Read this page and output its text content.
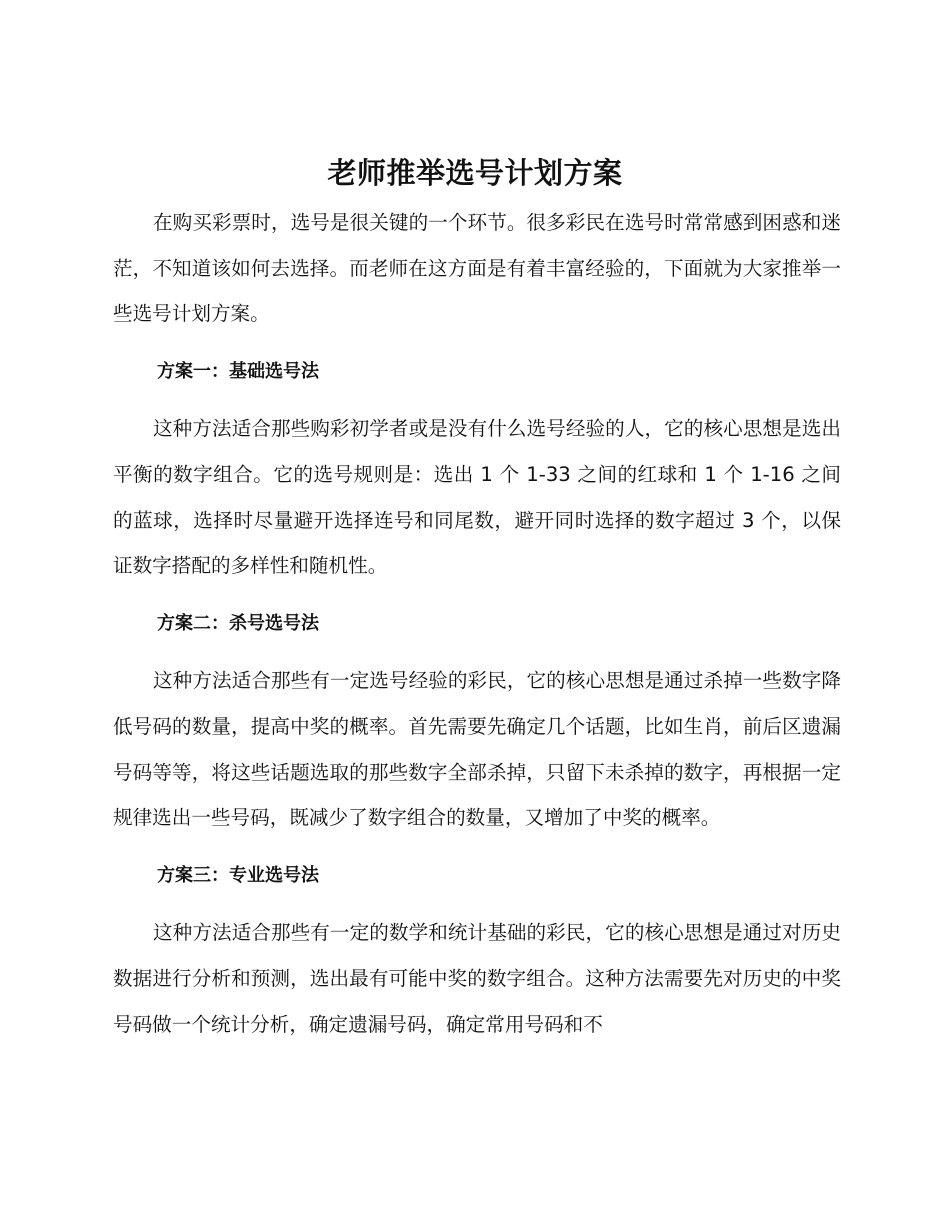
老师推举选号计划方案

在购买彩票时，选号是很关键的一个环节。很多彩民在选号时常常感到困惑和迷茫，不知道该如何去选择。而老师在这方面是有着丰富经验的，下面就为大家推举一些选号计划方案。

方案一：基础选号法

这种方法适合那些购彩初学者或是没有什么选号经验的人，它的核心思想是选出平衡的数字组合。它的选号规则是：选出 1 个 1-33 之间的红球和 1 个 1-16 之间的蓝球，选择时尽量避开选择连号和同尾数，避开同时选择的数字超过 3 个，以保证数字搭配的多样性和随机性。

方案二：杀号选号法

这种方法适合那些有一定选号经验的彩民，它的核心思想是通过杀掉一些数字降低号码的数量，提高中奖的概率。首先需要先确定几个话题，比如生肖，前后区遗漏号码等等，将这些话题选取的那些数字全部杀掉，只留下未杀掉的数字，再根据一定规律选出一些号码，既减少了数字组合的数量，又增加了中奖的概率。

方案三：专业选号法

这种方法适合那些有一定的数学和统计基础的彩民，它的核心思想是通过对历史数据进行分析和预测，选出最有可能中奖的数字组合。这种方法需要先对历史的中奖号码做一个统计分析，确定遗漏号码，确定常用号码和不
